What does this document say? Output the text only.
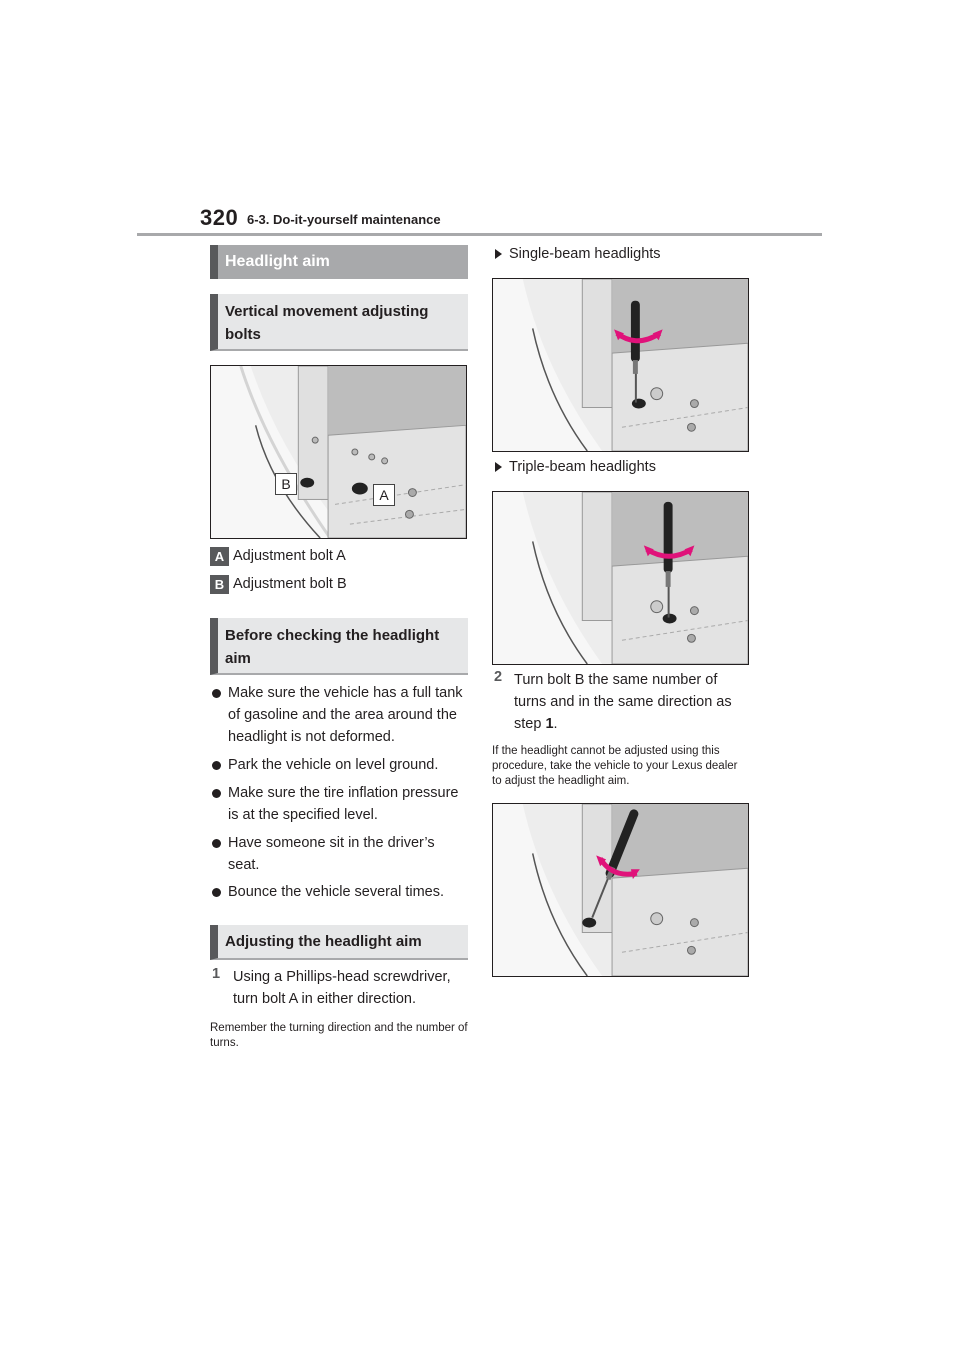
320 6-3. Do-it-yourself maintenance
Headlight aim
Vertical movement adjusting bolts
B
A
A Adjustment bolt A
B Adjustment bolt B
Before checking the headlight aim
Make sure the vehicle has a full tank of gasoline and the area around the headlight is not deformed.
Park the vehicle on level ground.
Make sure the tire inflation pressure is at the specified level.
Have someone sit in the driver’s seat.
Bounce the vehicle several times.
Adjusting the headlight aim
1 Using a Phillips-head screwdriver, turn bolt A in either direction.
Remember the turning direction and the number of turns.
Single-beam headlights
Triple-beam headlights
2 Turn bolt B the same number of turns and in the same direction as step 1.
If the headlight cannot be adjusted using this procedure, take the vehicle to your Lexus dealer to adjust the headlight aim.
